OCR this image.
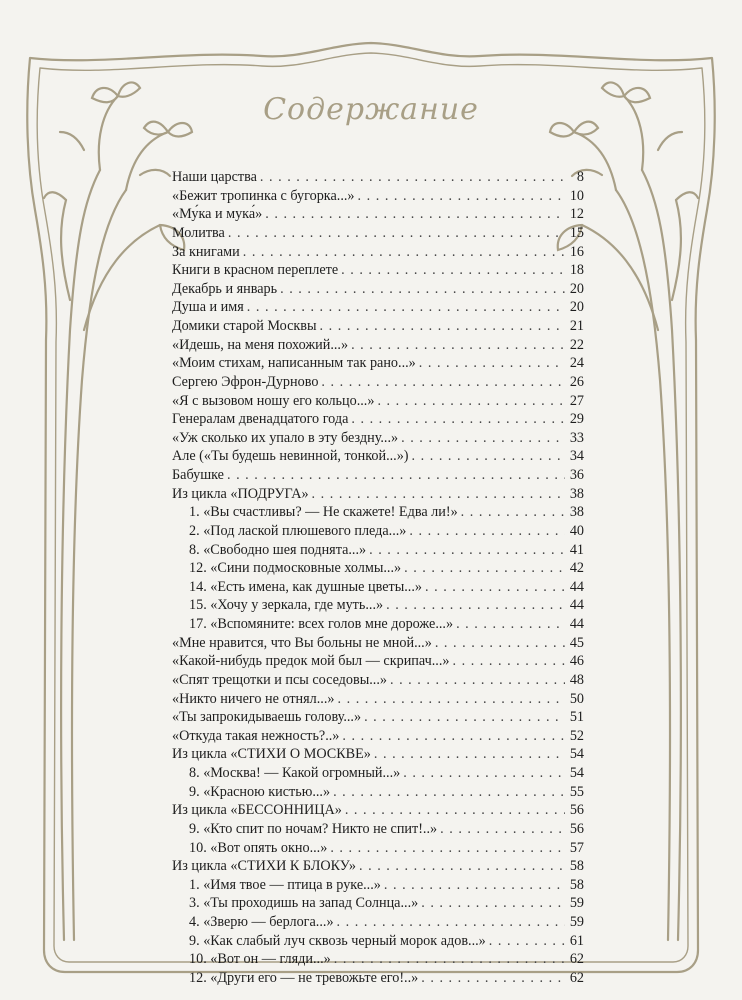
Содержание
Наши царства . . .	8
«Бежит тропинка с бугорка...» . . .	10
«Му́ка и мука́» . . .	12
Молитва . . .	15
За книгами . . .	16
Книги в красном переплете . . .	18
Декабрь и январь . . .	20
Душа и имя . . .	20
Домики старой Москвы . . .	21
«Идешь, на меня похожий...» . . .	22
«Моим стихам, написанным так рано...» . . .	24
Сергею Эфрон-Дурново . . .	26
«Я с вызовом ношу его кольцо...» . . .	27
Генералам двенадцатого года . . .	29
«Уж сколько их упало в эту бездну...» . . .	33
Але («Ты будешь невинной, тонкой...») . . .	34
Бабушке . . .	36
Из цикла «ПОДРУГА» . . .	38
1. «Вы счастливы? — Не скажете! Едва ли!» . . .	38
2. «Под лаской плюшевого пледа...» . . .	40
8. «Свободно шея поднята...» . . .	41
12. «Сини подмосковные холмы...» . . .	42
14. «Есть имена, как душные цветы...» . . .	44
15. «Хочу у зеркала, где муть...» . . .	44
17. «Вспомяните: всех голов мне дороже...» . . .	44
«Мне нравится, что Вы больны не мной...» . . .	45
«Какой-нибудь предок мой был — скрипач...» . . .	46
«Спят трещотки и псы соседовы...» . . .	48
«Никто ничего не отнял...» . . .	50
«Ты запрокидываешь голову...» . . .	51
«Откуда такая нежность?..» . . .	52
Из цикла «СТИХИ О МОСКВЕ» . . .	54
8. «Москва! — Какой огромный...» . . .	54
9. «Красною кистью...» . . .	55
Из цикла «БЕССОННИЦА» . . .	56
9. «Кто спит по ночам? Никто не спит!..» . . .	56
10. «Вот опять окно...» . . .	57
Из цикла «СТИХИ К БЛОКУ» . . .	58
1. «Имя твое — птица в руке...» . . .	58
3. «Ты проходишь на запад Солнца...» . . .	59
4. «Зверю — берлога...» . . .	59
9. «Как слабый луч сквозь черный морок адов...» . . .	61
10. «Вот он — гляди...» . . .	62
12. «Други его — не тревожьте его!..» . . .	62
